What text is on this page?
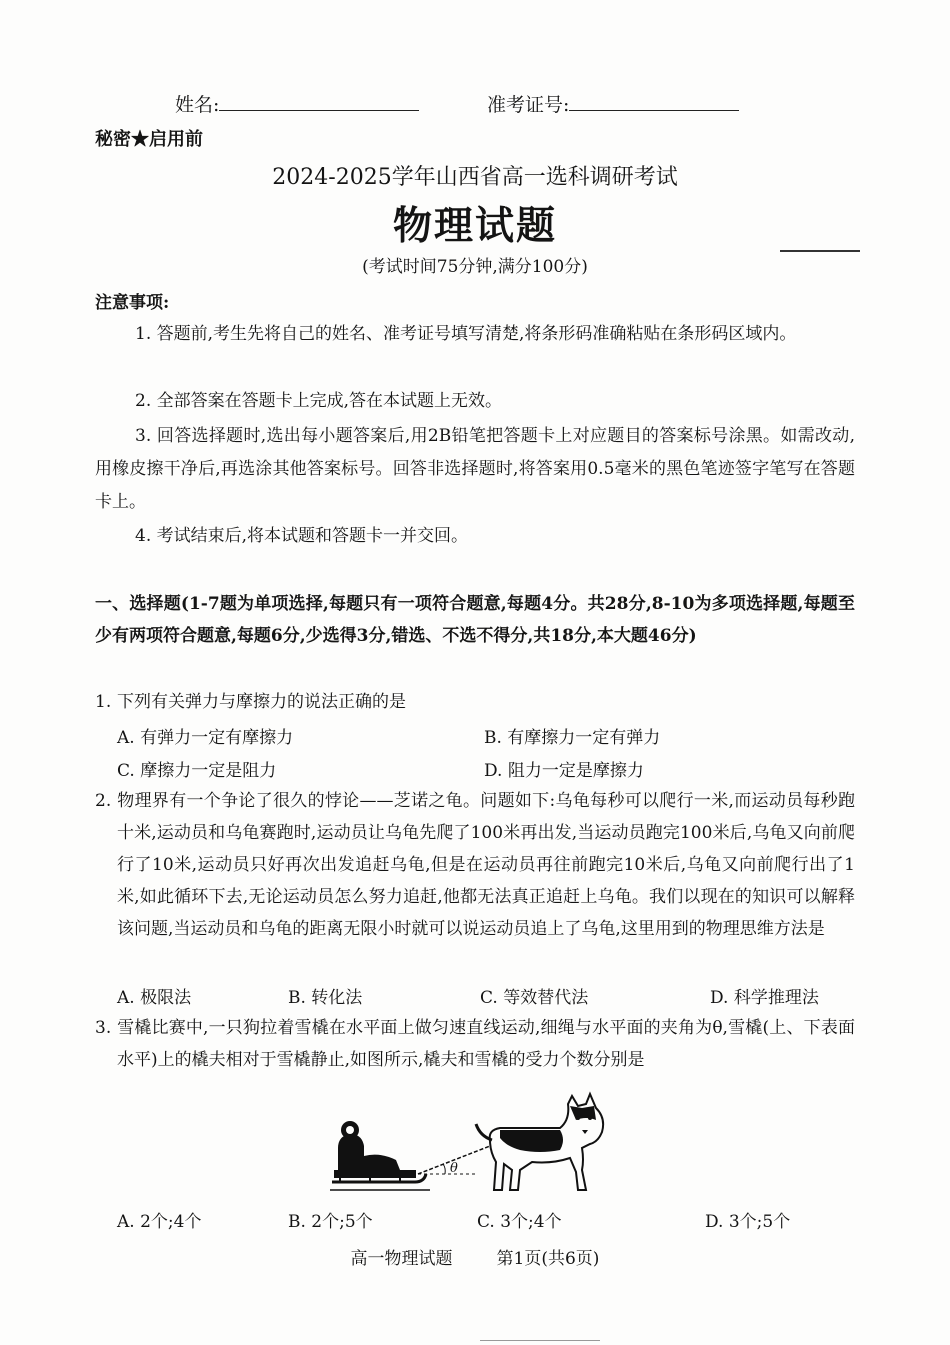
姓名:	准考证号:
秘密★启用前
2024-2025学年山西省高一选科调研考试
物理试题
(考试时间75分钟,满分100分)
注意事项:
1. 答题前,考生先将自己的姓名、准考证号填写清楚,将条形码准确粘贴在条形码区域内。
2. 全部答案在答题卡上完成,答在本试题上无效。
3. 回答选择题时,选出每小题答案后,用2B铅笔把答题卡上对应题目的答案标号涂黑。如需改动,用橡皮擦干净后,再选涂其他答案标号。回答非选择题时,将答案用0.5毫米的黑色笔迹签字笔写在答题卡上。
4. 考试结束后,将本试题和答题卡一并交回。
一、选择题(1-7题为单项选择,每题只有一项符合题意,每题4分。共28分,8-10为多项选择题,每题至少有两项符合题意,每题6分,少选得3分,错选、不选不得分,共18分,本大题46分)
1. 下列有关弹力与摩擦力的说法正确的是
A. 有弹力一定有摩擦力	B. 有摩擦力一定有弹力
C. 摩擦力一定是阻力	D. 阻力一定是摩擦力
2. 物理界有一个争论了很久的悖论——芝诺之龟。问题如下:乌龟每秒可以爬行一米,而运动员每秒跑十米,运动员和乌龟赛跑时,运动员让乌龟先爬了100米再出发,当运动员跑完100米后,乌龟又向前爬行了10米,运动员只好再次出发追赶乌龟,但是在运动员再往前跑完10米后,乌龟又向前爬行出了1米,如此循环下去,无论运动员怎么努力追赶,他都无法真正追赶上乌龟。我们以现在的知识可以解释该问题,当运动员和乌龟的距离无限小时就可以说运动员追上了乌龟,这里用到的物理思维方法是
A. 极限法	B. 转化法	C. 等效替代法	D. 科学推理法
3. 雪橇比赛中,一只狗拉着雪橇在水平面上做匀速直线运动,细绳与水平面的夹角为θ,雪橇(上、下表面水平)上的橇夫相对于雪橇静止,如图所示,橇夫和雪橇的受力个数分别是
θ
A. 2个;4个	B. 2个;5个	C. 3个;4个	D. 3个;5个
高一物理试题	第1页(共6页)
